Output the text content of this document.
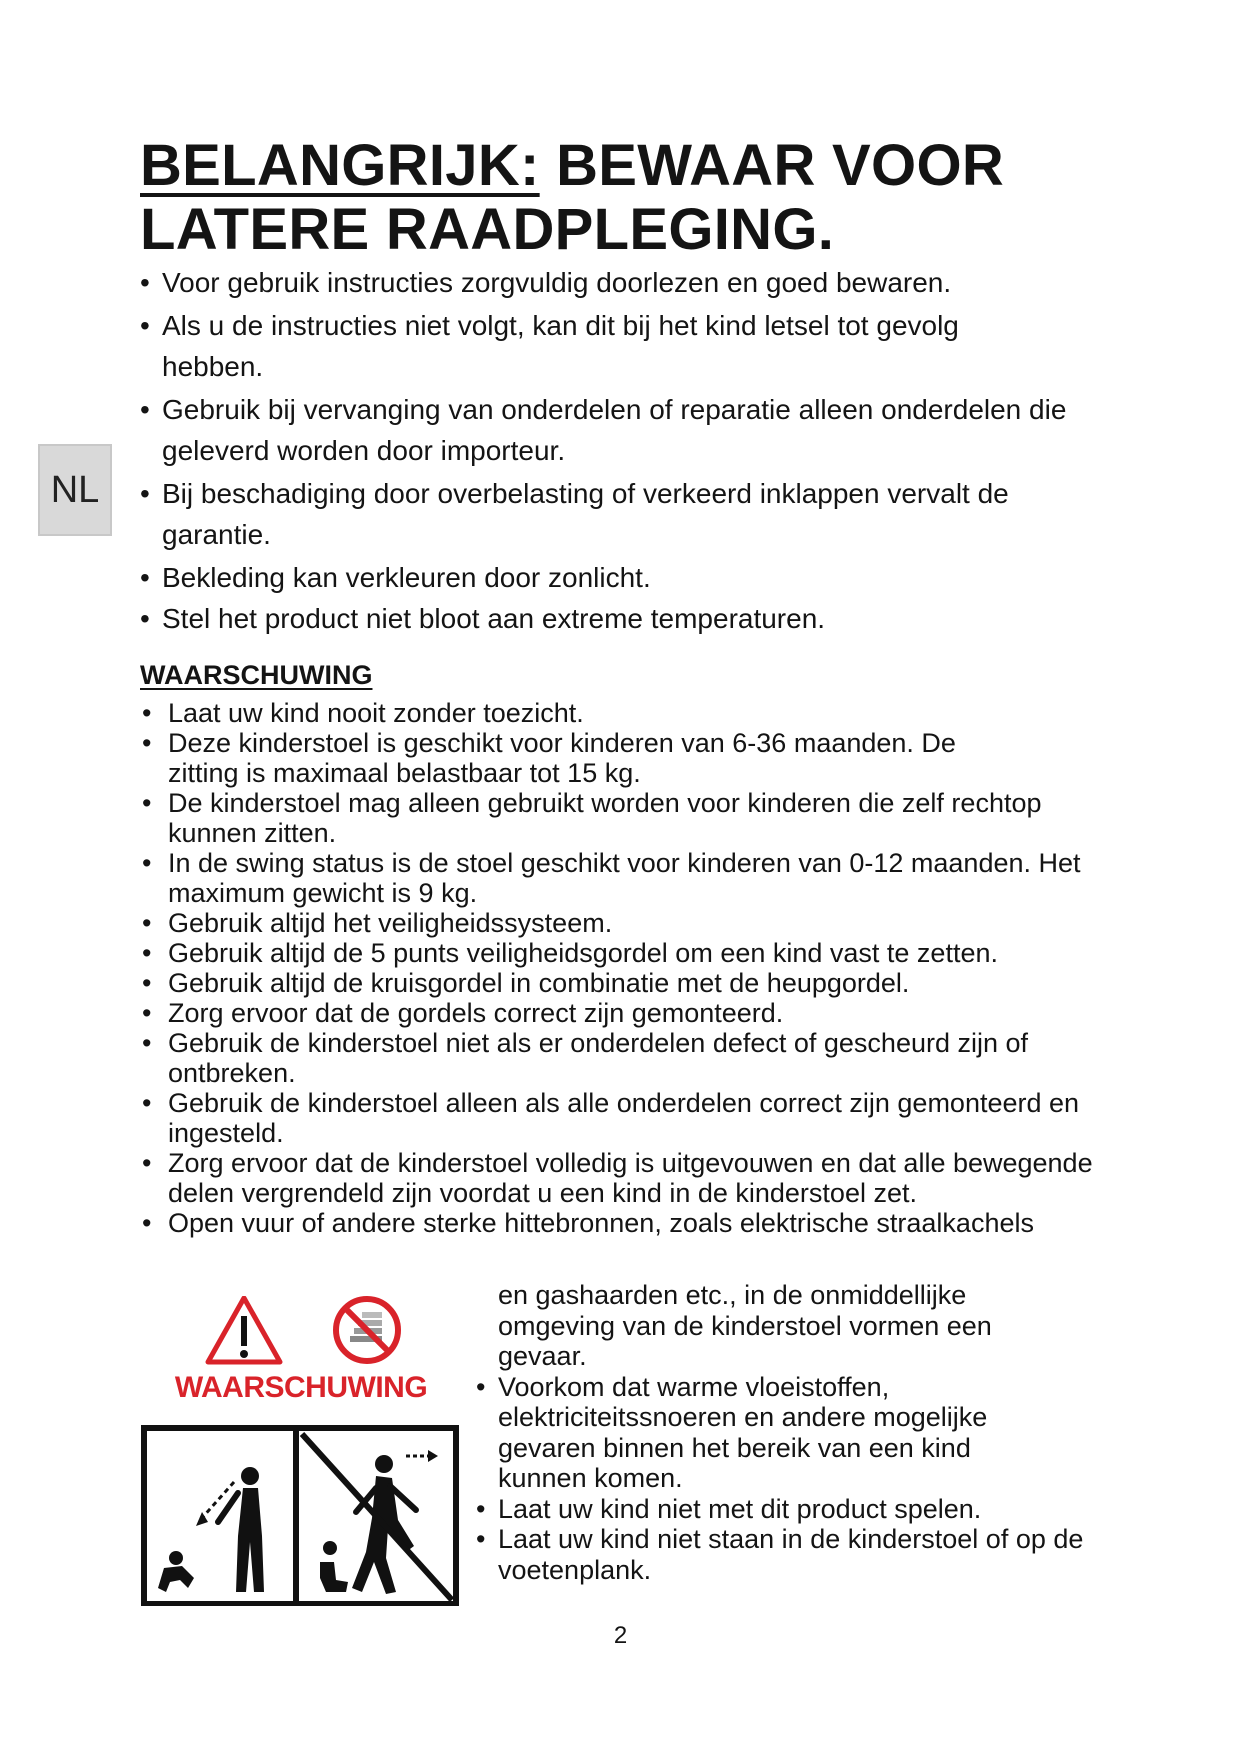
BELANGRIJK: BEWAAR VOOR LATERE RAADPLEGING.
NL
• Voor gebruik instructies zorgvuldig doorlezen en goed bewaren.
• Als u de instructies niet volgt, kan dit bij het kind letsel tot gevolg hebben.
• Gebruik bij vervanging van onderdelen of reparatie alleen onderdelen die geleverd worden door importeur.
• Bij beschadiging door overbelasting of verkeerd inklappen vervalt de garantie.
• Bekleding kan verkleuren door zonlicht.
• Stel het product niet bloot aan extreme temperaturen.
WAARSCHUWING
• Laat uw kind nooit zonder toezicht.
• Deze kinderstoel is geschikt voor kinderen van 6-36 maanden. De zitting is maximaal belastbaar tot 15 kg.
• De kinderstoel mag alleen gebruikt worden voor kinderen die zelf rechtop kunnen zitten.
• In de swing status is de stoel geschikt voor kinderen van 0-12 maanden. Het maximum gewicht is 9 kg.
• Gebruik altijd het veiligheidssysteem.
• Gebruik altijd de 5 punts veiligheidsgordel om een kind vast te zetten.
• Gebruik altijd de kruisgordel in combinatie met de heupgordel.
• Zorg ervoor dat de gordels correct zijn gemonteerd.
• Gebruik de kinderstoel niet als er onderdelen defect of gescheurd zijn of ontbreken.
• Gebruik de kinderstoel alleen als alle onderdelen correct zijn gemonteerd en ingesteld.
• Zorg ervoor dat de kinderstoel volledig is uitgevouwen en dat alle bewegende delen vergrendeld zijn voordat u een kind in de kinderstoel zet.
• Open vuur of andere sterke hittebronnen, zoals elektrische straalkachels
WAARSCHUWING
en gashaarden etc., in de onmiddellijke omgeving van de kinderstoel vormen een gevaar.
• Voorkom dat warme vloeistoffen, elektriciteitssnoeren en andere mogelijke gevaren binnen het bereik van een kind kunnen komen.
• Laat uw kind niet met dit product spelen.
• Laat uw kind niet staan in de kinderstoel of op de voetenplank.
2
